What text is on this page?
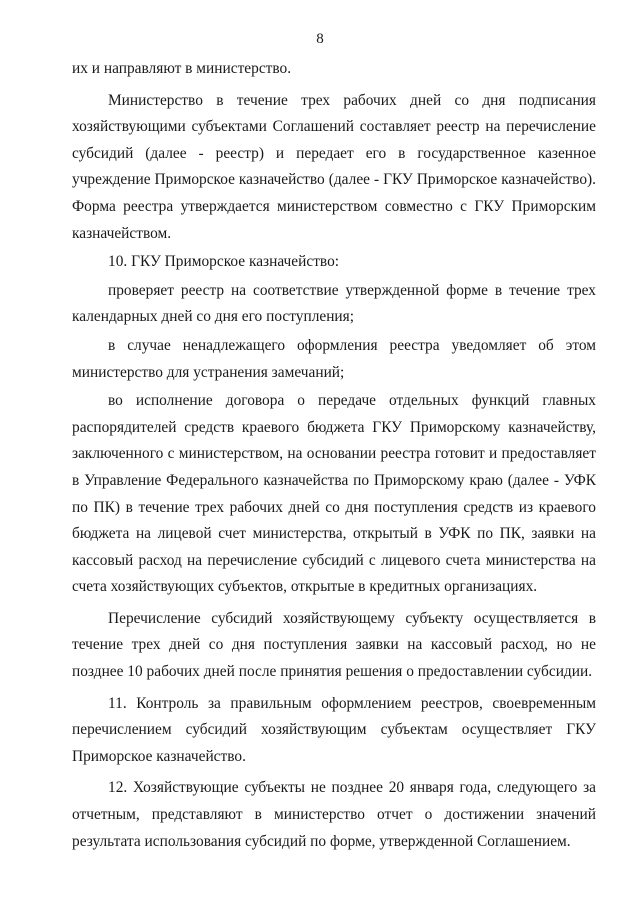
8

их и направляют в министерство.

Министерство в течение трех рабочих дней со дня подписания хозяйствующими субъектами Соглашений составляет реестр на перечисление субсидий (далее - реестр) и передает его в государственное казенное учреждение Приморское казначейство (далее - ГКУ Приморское казначейство). Форма реестра утверждается министерством совместно с ГКУ Приморским казначейством.

10. ГКУ Приморское казначейство:

проверяет реестр на соответствие утвержденной форме в течение трех календарных дней со дня его поступления;

в случае ненадлежащего оформления реестра уведомляет об этом министерство для устранения замечаний;

во исполнение договора о передаче отдельных функций главных распорядителей средств краевого бюджета ГКУ Приморскому казначейству, заключенного с министерством, на основании реестра готовит и предоставляет в Управление Федерального казначейства по Приморскому краю (далее - УФК по ПК) в течение трех рабочих дней со дня поступления средств из краевого бюджета на лицевой счет министерства, открытый в УФК по ПК, заявки на кассовый расход на перечисление субсидий с лицевого счета министерства на счета хозяйствующих субъектов, открытые в кредитных организациях.

Перечисление субсидий хозяйствующему субъекту осуществляется в течение трех дней со дня поступления заявки на кассовый расход, но не позднее 10 рабочих дней после принятия решения о предоставлении субсидии.

11. Контроль за правильным оформлением реестров, своевременным перечислением субсидий хозяйствующим субъектам осуществляет ГКУ Приморское казначейство.

12. Хозяйствующие субъекты не позднее 20 января года, следующего за отчетным, представляют в министерство отчет о достижении значений результата использования субсидий по форме, утвержденной Соглашением.
